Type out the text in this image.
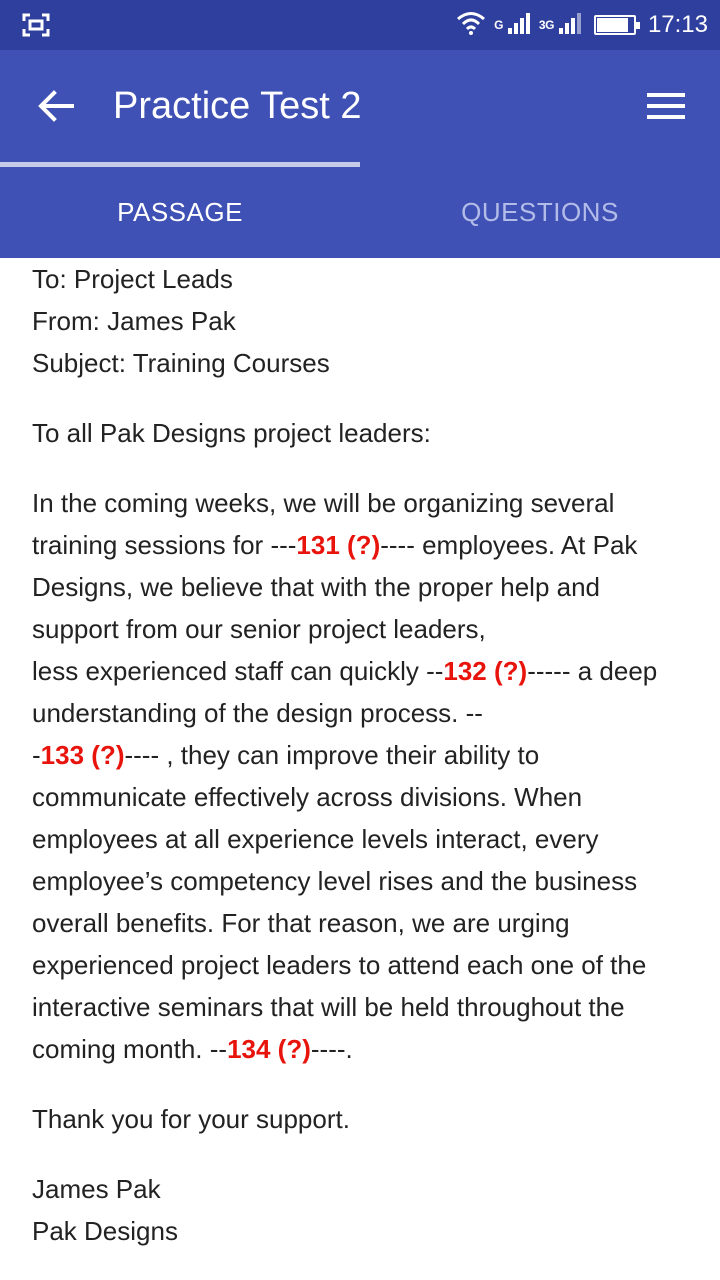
G	3G	17:13
Practice Test 2
PASSAGE	QUESTIONS
To: Project Leads
From: James Pak
Subject: Training Courses

To all Pak Designs project leaders:

In the coming weeks, we will be organizing several training sessions for ---131 (?)---- employees. At Pak Designs, we believe that with the proper help and support from our senior project leaders,
less experienced staff can quickly --132 (?)----- a deep understanding of the design process. --
-133 (?)---- , they can improve their ability to communicate effectively across divisions. When employees at all experience levels interact, every employee’s competency level rises and the business overall benefits. For that reason, we are urging experienced project leaders to attend each one of the interactive seminars that will be held throughout the coming month. --134 (?)----.

Thank you for your support.

James Pak
Pak Designs
